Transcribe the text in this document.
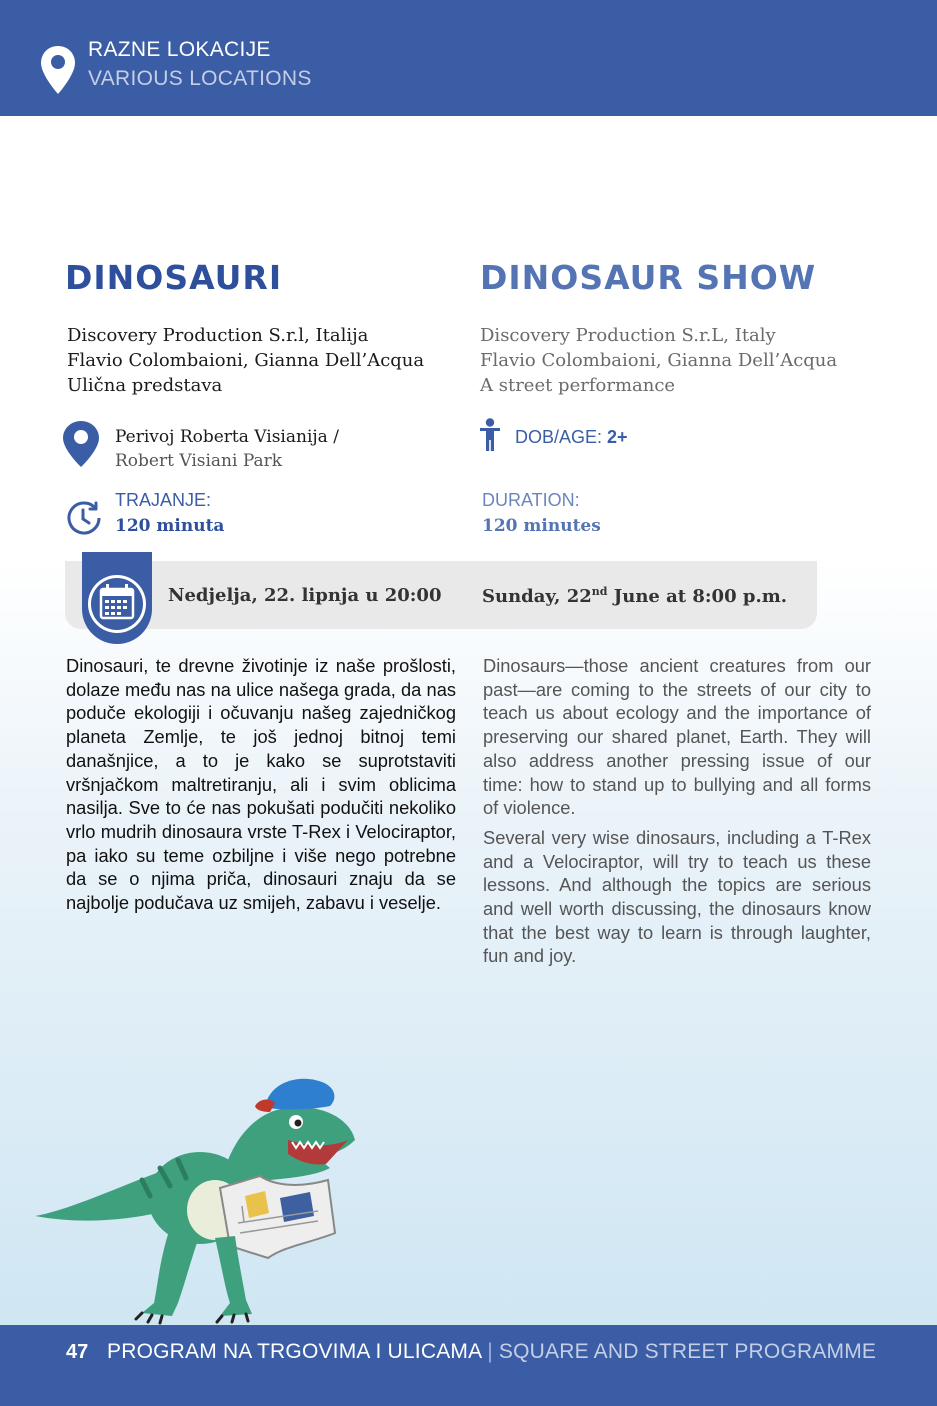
RAZNE LOKACIJE
VARIOUS LOCATIONS
DINOSAURI	DINOSAUR SHOW
Discovery Production S.r.l, Italija
Flavio Colombaioni, Gianna Dell’Acqua
Ulična predstava
Discovery Production S.r.L, Italy
Flavio Colombaioni, Gianna Dell’Acqua
A street performance
Perivoj Roberta Visianija /
Robert Visiani Park
DOB/AGE: 2+
TRAJANJE:
120 minuta
DURATION:
120 minutes
Nedjelja, 22. lipnja u 20:00 Sunday, 22nd June at 8:00 p.m.

Dinosauri, te drevne životinje iz naše prošlosti, dolaze među nas na ulice našega grada, da nas poduče ekologiji i očuvanju našeg zajedničkog planeta Zemlje, te još jednoj bitnoj temi današnjice, a to je kako se suprotstaviti vršnjačkom maltretiranju, ali i svim oblicima nasilja. Sve to će nas pokušati podučiti nekoliko vrlo mudrih dinosaura vrste T-Rex i Velociraptor, pa iako su teme ozbiljne i više nego potrebne da se o njima priča, dinosauri znaju da se najbolje podučava uz smijeh, zabavu i veselje.

Dinosaurs—those ancient creatures from our past—are coming to the streets of our city to teach us about ecology and the importance of preserving our shared planet, Earth. They will also address another pressing issue of our time: how to stand up to bullying and all forms of violence.

Several very wise dinosaurs, including a T-Rex and a Velociraptor, will try to teach us these lessons. And although the topics are serious and well worth discussing, the dinosaurs know that the best way to learn is through laughter, fun and joy.

47 PROGRAM NA TRGOVIMA I ULICAMA | SQUARE AND STREET PROGRAMME
